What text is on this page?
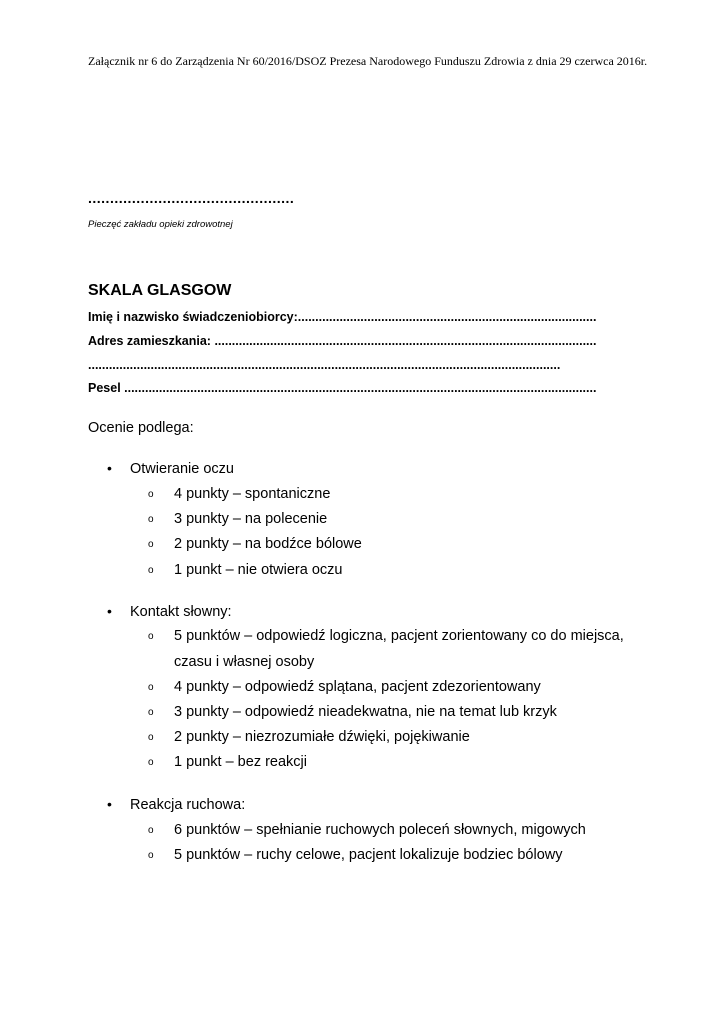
Załącznik nr 6 do Zarządzenia Nr 60/2016/DSOZ Prezesa Narodowego Funduszu Zdrowia z dnia 29 czerwca 2016r.
...............................................
Pieczęć zakładu opieki zdrowotnej
SKALA GLASGOW
Imię i nazwisko świadczeniobiorcy:......................................................................................
Adres zamieszkania: ..............................................................................................................
........................................................................................................................................
Pesel ........................................................................................................................................
Ocenie podlega:
• Otwieranie oczu
o 4 punkty – spontaniczne
o 3 punkty – na polecenie
o 2 punkty – na bodźce bólowe
o 1 punkt – nie otwiera oczu
• Kontakt słowny:
o 5 punktów – odpowiedź logiczna, pacjent zorientowany co do miejsca, czasu i własnej osoby
o 4 punkty – odpowiedź splątana, pacjent zdezorientowany
o 3 punkty – odpowiedź nieadekwatna, nie na temat lub krzyk
o 2 punkty – niezrozumiałe dźwięki, pojękiwanie
o 1 punkt – bez reakcji
• Reakcja ruchowa:
o 6 punktów – spełnianie ruchowych poleceń słownych, migowych
o 5 punktów – ruchy celowe, pacjent lokalizuje bodziec bólowy
